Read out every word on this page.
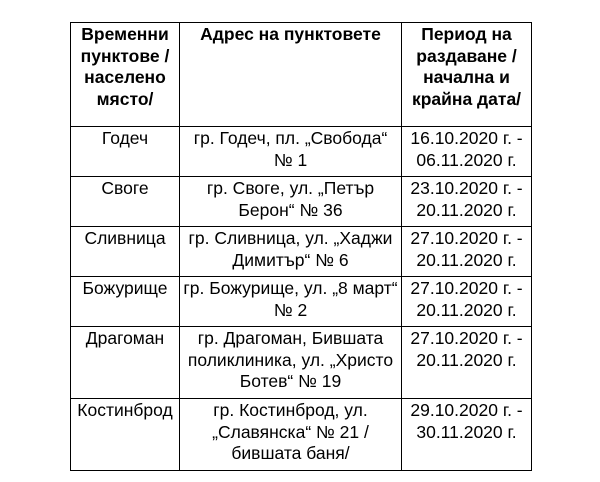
Временни пунктове /населено място/	Адрес на пунктовете	Период на раздаване /начална и крайна дата/
Годеч	гр. Годеч, пл. „Свобода“ № 1	16.10.2020 г. - 06.11.2020 г.
Своге	гр. Своге, ул. „Петър Берон“ № 36	23.10.2020 г. - 20.11.2020 г.
Сливница	гр. Сливница, ул. „Хаджи Димитър“ № 6	27.10.2020 г. - 20.11.2020 г.
Божурище	гр. Божурище, ул. „8 март“ № 2	27.10.2020 г. - 20.11.2020 г.
Драгоман	гр. Драгоман, Бившата поликлиника, ул. „Христо Ботев“ № 19	27.10.2020 г. - 20.11.2020 г.
Костинброд	гр. Костинброд, ул. „Славянска“ № 21 /бившата баня/	29.10.2020 г. - 30.11.2020 г.
